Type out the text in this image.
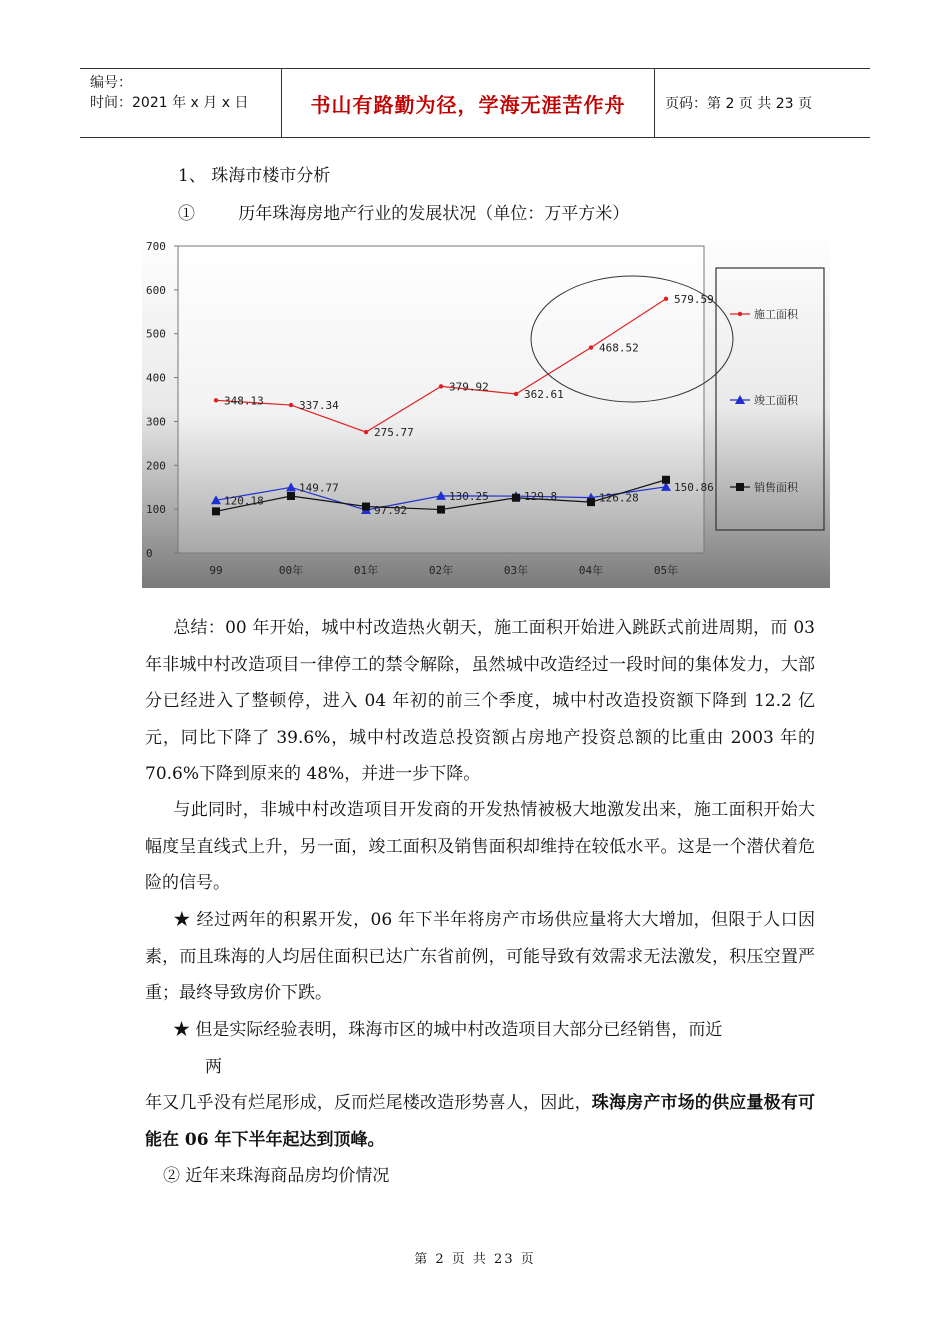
编号：
时间：2021 年 x 月 x 日	书山有路勤为径，学海无涯苦作舟	页码：第 2 页 共 23 页
1、 珠海市楼市分析
①        历年珠海房地产行业的发展状况（单位：万平方米）
0
100
200
300
400
500
600
700
99	00年	01年	02年	03年	04年	05年
348.13	337.34
275.77
379.92
362.61
468.52
579.59
120.18
149.77
97.92
130.25	129.8	126.28
150.86
施工面积
竣工面积
销售面积
总结：00 年开始，城中村改造热火朝天，施工面积开始进入跳跃式前进周期，而 03 年非城中村改造项目一律停工的禁令解除，虽然城中改造经过一段时间的集体发力，大部分已经进入了整顿停，进入 04 年初的前三个季度，城中村改造投资额下降到 12.2 亿元，同比下降了 39.6%，城中村改造总投资额占房地产投资总额的比重由 2003 年的 70.6%下降到原来的 48%，并进一步下降。
与此同时，非城中村改造项目开发商的开发热情被极大地激发出来，施工面积开始大幅度呈直线式上升，另一面，竣工面积及销售面积却维持在较低水平。这是一个潜伏着危险的信号。
★ 经过两年的积累开发，06 年下半年将房产市场供应量将大大增加，但限于人口因素，而且珠海的人均居住面积已达广东省前例，可能导致有效需求无法激发，积压空置严重；最终导致房价下跌。
★ 但是实际经验表明，珠海市区的城中村改造项目大部分已经销售，而近
两
年又几乎没有烂尾形成，反而烂尾楼改造形势喜人，因此，珠海房产市场的供应量极有可能在 06 年下半年起达到顶峰。
② 近年来珠海商品房均价情况
第 2 页 共 23 页
